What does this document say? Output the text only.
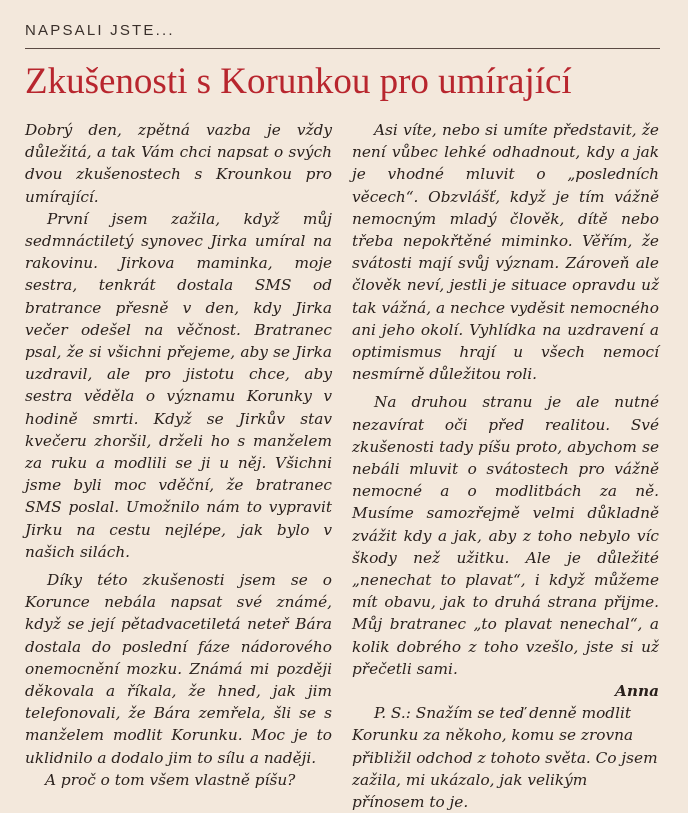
NAPSALI JSTE...

Zkušenosti s Korunkou pro umírající

Dobrý den, zpětná vazba je vždy důležitá, a tak Vám chci napsat o svých dvou zkušenostech s Krounkou pro umírající.

První jsem zažila, když můj sedmnáctiletý synovec Jirka umíral na rakovinu. Jirkova maminka, moje sestra, tenkrát dostala SMS od bratrance přesně v den, kdy Jirka večer odešel na věčnost. Bratranec psal, že si všichni přejeme, aby se Jirka uzdravil, ale pro jistotu chce, aby sestra věděla o významu Korunky v hodině smrti. Když se Jirkův stav kvečeru zhoršil, drželi ho s manželem za ruku a modlili se ji u něj. Všichni jsme byli moc vděční, že bratranec SMS poslal. Umožnilo nám to vypravit Jirku na cestu nejlépe, jak bylo v našich silách.

Díky této zkušenosti jsem se o Korunce nebála napsat své známé, když se její pětadvacetiletá neteř Bára dostala do poslední fáze nádorového onemocnění mozku. Známá mi později děkovala a říkala, že hned, jak jim telefonovali, že Bára zemřela, šli se s manželem modlit Korunku. Moc je to uklidnilo a dodalo jim to sílu a naději.

A proč o tom všem vlastně píšu?

Asi víte, nebo si umíte představit, že není vůbec lehké odhadnout, kdy a jak je vhodné mluvit o „posledních věcech“. Obzvlášť, když je tím vážně nemocným mladý člověk, dítě nebo třeba nepokřtěné miminko. Věřím, že svátosti mají svůj význam. Zároveň ale člověk neví, jestli je situace opravdu už tak vážná, a nechce vyděsit nemocného ani jeho okolí. Vyhlídka na uzdravení a optimismus hrají u všech nemocí nesmírně důležitou roli.

Na druhou stranu je ale nutné nezavírat oči před realitou. Své zkušenosti tady píšu proto, abychom se nebáli mluvit o svátostech pro vážně nemocné a o modlitbách za ně. Musíme samozřejmě velmi důkladně zvážit kdy a jak, aby z toho nebylo víc škody než užitku. Ale je důležité „nenechat to plavat“, i když můžeme mít obavu, jak to druhá strana přijme. Můj bratranec „to plavat nenechal“, a kolik dobrého z toho vzešlo, jste si už přečetli sami.

Anna

P. S.: Snažím se teď denně modlit Korunku za někoho, komu se zrovna přibližil odchod z tohoto světa. Co jsem zažila, mi ukázalo, jak velikým přínosem to je.
